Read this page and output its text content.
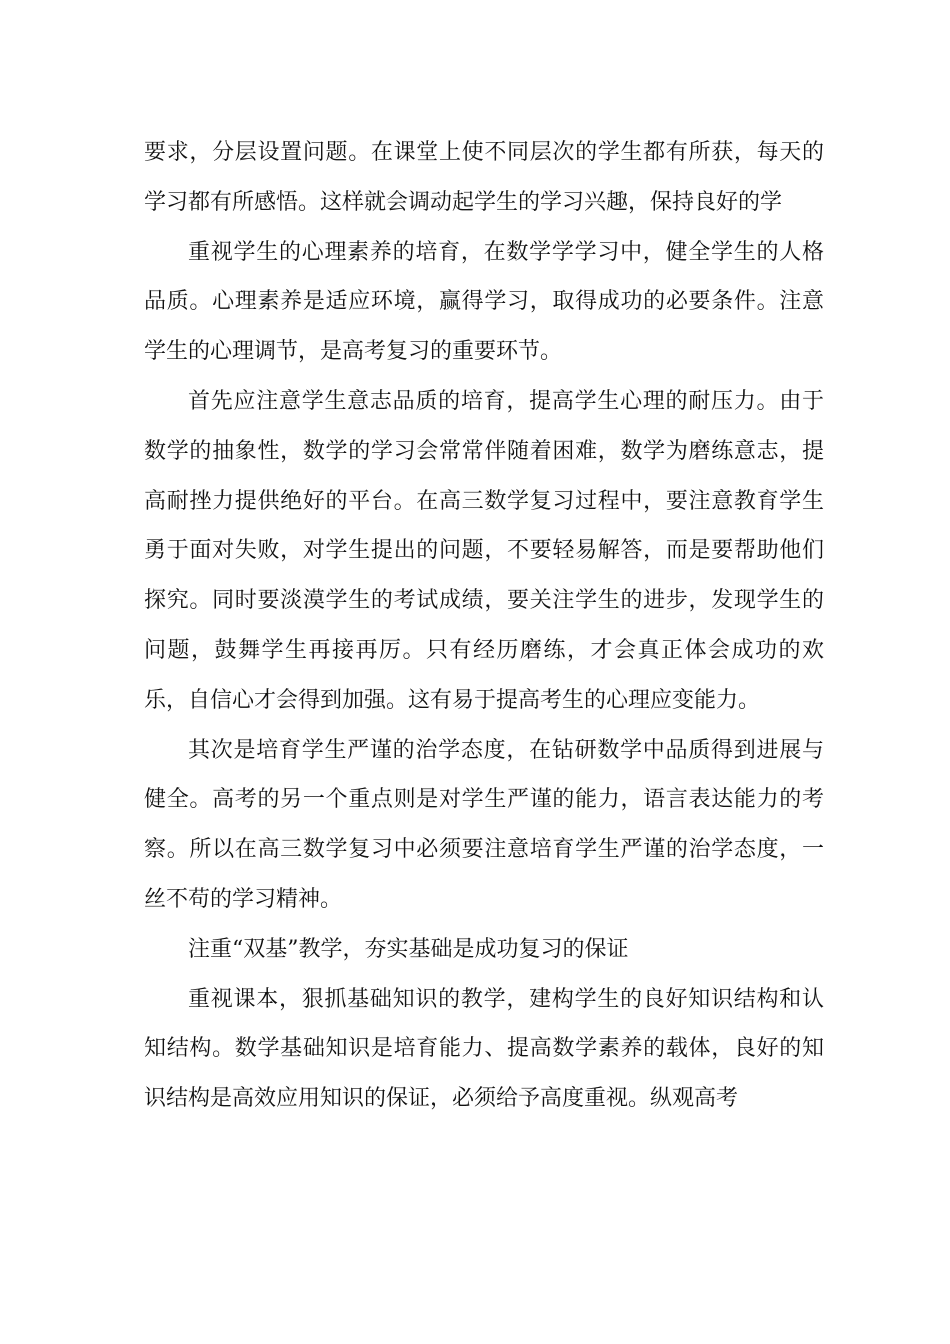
要求，分层设置问题。在课堂上使不同层次的学生都有所获，每天的学习都有所感悟。这样就会调动起学生的学习兴趣，保持良好的学

重视学生的心理素养的培育，在数学学学习中，健全学生的人格品质。心理素养是适应环境，赢得学习，取得成功的必要条件。注意学生的心理调节，是高考复习的重要环节。

首先应注意学生意志品质的培育，提高学生心理的耐压力。由于数学的抽象性，数学的学习会常常伴随着困难，数学为磨练意志，提高耐挫力提供绝好的平台。在高三数学复习过程中，要注意教育学生勇于面对失败，对学生提出的问题，不要轻易解答，而是要帮助他们探究。同时要淡漠学生的考试成绩，要关注学生的进步，发现学生的问题，鼓舞学生再接再厉。只有经历磨练，才会真正体会成功的欢乐，自信心才会得到加强。这有易于提高考生的心理应变能力。

其次是培育学生严谨的治学态度，在钻研数学中品质得到进展与健全。高考的另一个重点则是对学生严谨的能力，语言表达能力的考察。所以在高三数学复习中必须要注意培育学生严谨的治学态度，一丝不苟的学习精神。

注重“双基”教学，夯实基础是成功复习的保证

重视课本，狠抓基础知识的教学，建构学生的良好知识结构和认知结构。数学基础知识是培育能力、提高数学素养的载体，良好的知识结构是高效应用知识的保证，必须给予高度重视。纵观高考
